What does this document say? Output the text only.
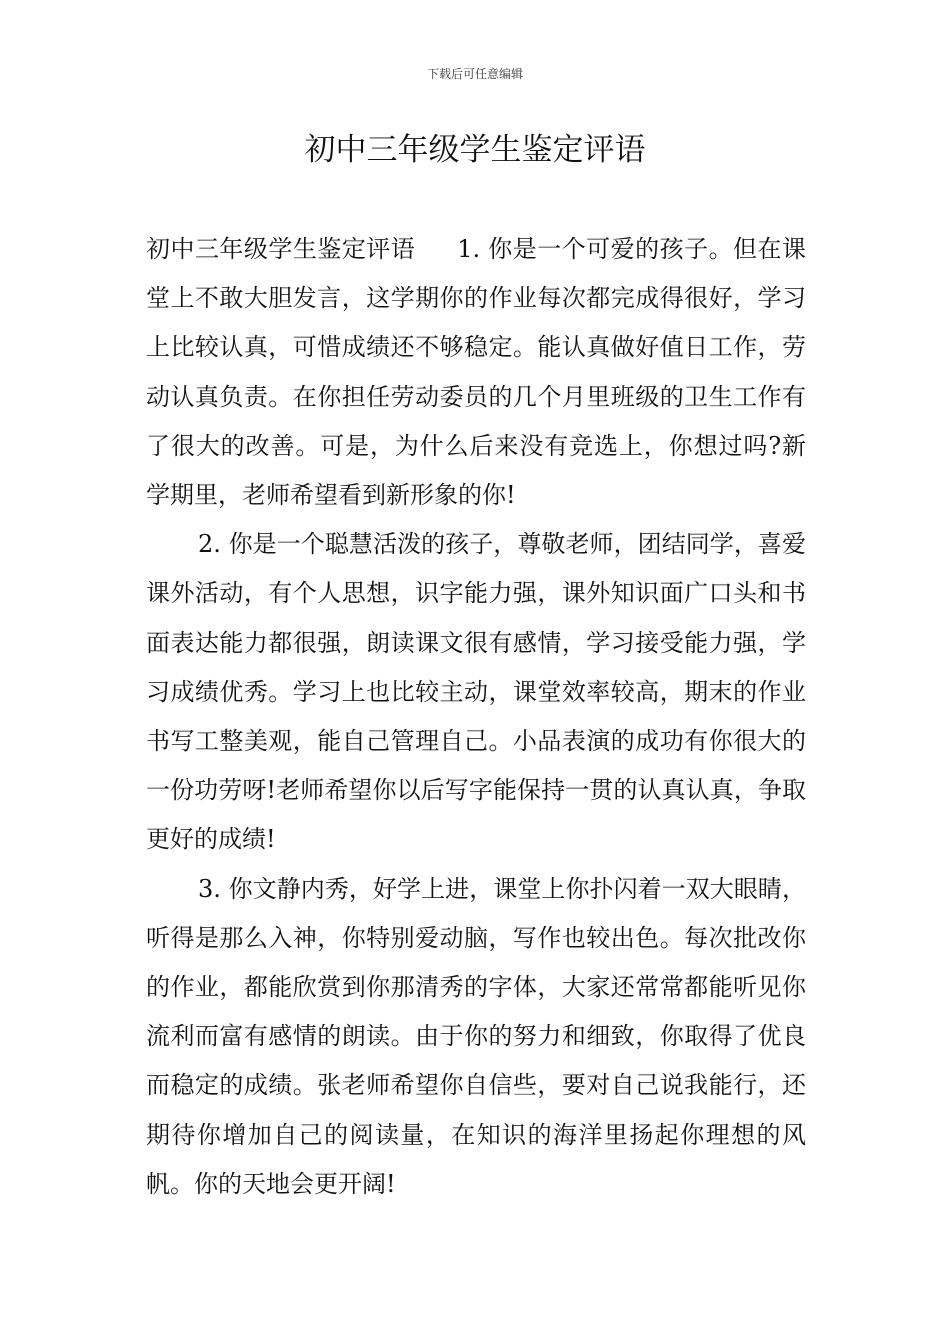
下载后可任意编辑
初中三年级学生鉴定评语

初中三年级学生鉴定评语 1. 你是一个可爱的孩子。但在课堂上不敢大胆发言，这学期你的作业每次都完成得很好，学习上比较认真，可惜成绩还不够稳定。能认真做好值日工作，劳动认真负责。在你担任劳动委员的几个月里班级的卫生工作有了很大的改善。可是，为什么后来没有竞选上，你想过吗?新学期里，老师希望看到新形象的你!

2. 你是一个聪慧活泼的孩子，尊敬老师，团结同学，喜爱课外活动，有个人思想，识字能力强，课外知识面广口头和书面表达能力都很强，朗读课文很有感情，学习接受能力强，学习成绩优秀。学习上也比较主动，课堂效率较高，期末的作业书写工整美观，能自己管理自己。小品表演的成功有你很大的一份功劳呀!老师希望你以后写字能保持一贯的认真认真，争取更好的成绩!

3. 你文静内秀，好学上进，课堂上你扑闪着一双大眼睛，听得是那么入神，你特别爱动脑，写作也较出色。每次批改你的作业，都能欣赏到你那清秀的字体，大家还常常都能听见你流利而富有感情的朗读。由于你的努力和细致，你取得了优良而稳定的成绩。张老师希望你自信些，要对自己说我能行，还期待你增加自己的阅读量，在知识的海洋里扬起你理想的风帆。你的天地会更开阔!
